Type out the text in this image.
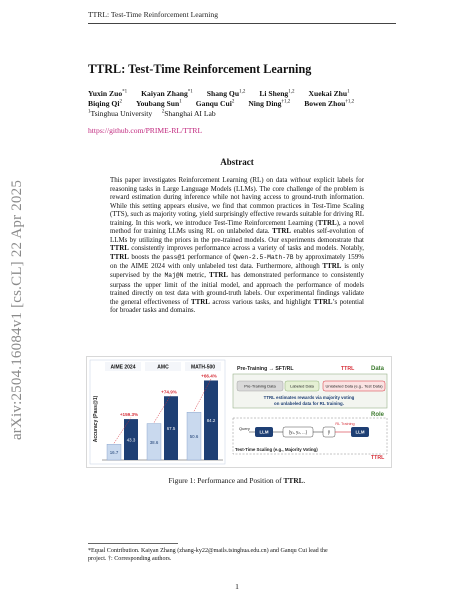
TTRL: Test-Time Reinforcement Learning
arXiv:2504.16084v1 [cs.CL] 22 Apr 2025
TTRL: Test-Time Reinforcement Learning
Yuxin Zuo$^{*1}$ Kaiyan Zhang$^{*1}$ Shang Qu$^{1,2}$ Li Sheng$^{1,2}$ Xuekai Zhu$^1$
Biqing Qi$^2$ Youbang Sun$^1$ Ganqu Cui$^2$ Ning Ding$^{\dagger 1,2}$ Bowen Zhou$^{\dagger 1,2}$
$^1$Tsinghua University $^2$Shanghai AI Lab
https://github.com/PRIME-RL/TTRL
Abstract

This paper investigates Reinforcement Learning (RL) on data without explicit labels for reasoning tasks in Large Language Models (LLMs). The core challenge of the problem is reward estimation during inference while not having access to ground-truth information. While this setting appears elusive, we find that common practices in Test-Time Scaling (TTS), such as majority voting, yield surprisingly effective rewards suitable for driving RL training. In this work, we introduce Test-Time Reinforcement Learning (TTRL), a novel method for training LLMs using RL on unlabeled data. TTRL enables self-evolution of LLMs by utilizing the priors in the pre-trained models. Our experiments demonstrate that TTRL consistently improves performance across a variety of tasks and models. Notably, TTRL boosts the pass@1 performance of Qwen-2.5-Math-7B by approximately 159% on the AIME 2024 with only unlabeled test data. Furthermore, although TTRL is only supervised by the Maj@N metric, TTRL has demonstrated performance to consistently surpass the upper limit of the initial model, and approach the performance of models trained directly on test data with ground-truth labels. Our experimental findings validate the general effectiveness of TTRL across various tasks, and highlight TTRL’s potential for broader tasks and domains.

Accuracy (Pass@1)
AIME 2024
16.7
43.3
+159.3%
AMC
38.6
67.5
+74.9%
MATH-500
50.6
84.2
+66.4%
Pre-Training → SFT/RL	TTRL	Data
Pre-Training Data	Labeled Data	Unlabeled Data (e.g., Test Data)
TTRL estimates rewards via majority voting
on unlabeled data for RL training.
Role
Query
LLM	{y₁, y₂, ...}	ŷ
RL Training
LLM
Test-Time Scaling (e.g., Majority Voting)
TTRL
Figure 1: Performance and Position of TTRL.
*Equal Contribution. Kaiyan Zhang (zhang-ky22@mails.tsinghua.edu.cn) and Ganqu Cui lead the
project. †: Corresponding authors.
1
